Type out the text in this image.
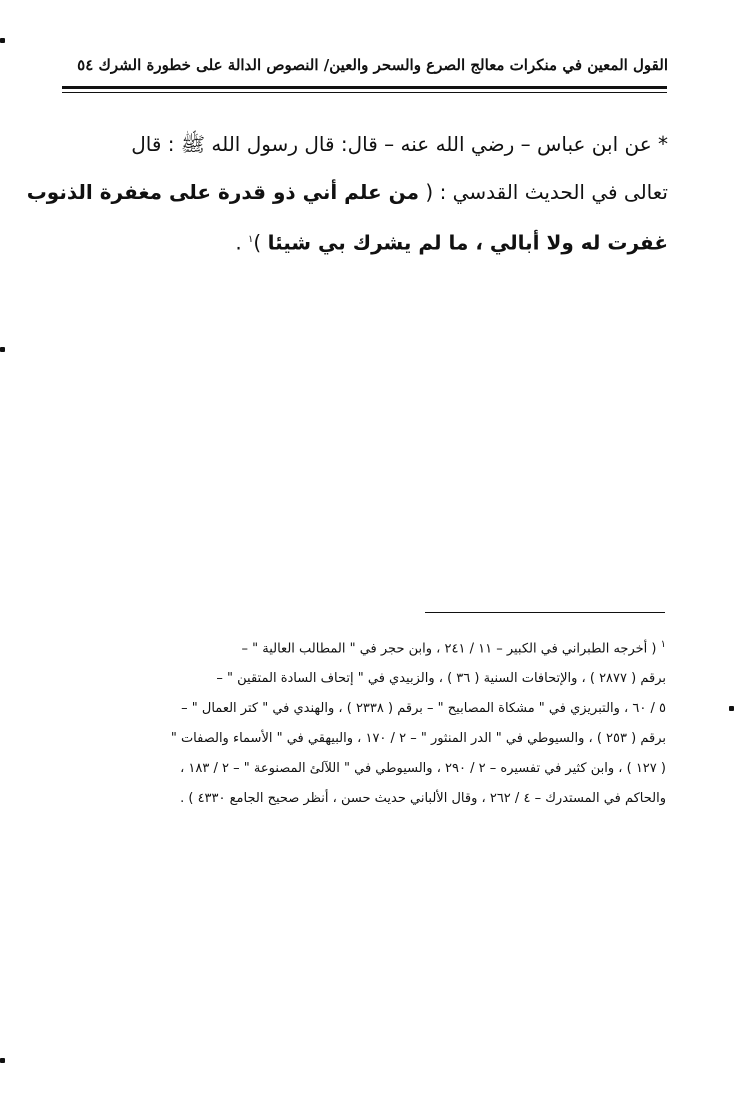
القول المعين في منكرات معالج الصرع والسحر والعين/ النصوص الدالة على خطورة الشرك ٥٤
* عن ابن عباس – رضي الله عنه – قال: قال رسول الله ﷺ : قال
تعالى في الحديث القدسي : ( من علم أني ذو قدرة على مغفرة الذنوب
غفرت له ولا أبالي ، ما لم يشرك بي شيئا )$^١$ .
$^١$ ( أخرجه الطبراني في الكبير – ١١ / ٢٤١ ، وابن حجر في " المطالب العالية " –
برقم ( ٢٨٧٧ ) ، والإتحافات السنية ( ٣٦ ) ، والزبيدي في " إتحاف السادة المتقين " –
٥ / ٦٠ ، والتبريزي في " مشكاة المصابيح " – برقم ( ٢٣٣٨ ) ، والهندي في " كتر العمال " –
برقم ( ٢٥٣ ) ، والسيوطي في " الدر المنثور " – ٢ / ١٧٠ ، والبيهقي في " الأسماء والصفات "
( ١٢٧ ) ، وابن كثير في تفسيره – ٢ / ٢٩٠ ، والسيوطي في " اللآلئ المصنوعة " – ٢ / ١٨٣ ،
والحاكم في المستدرك – ٤ / ٢٦٢ ، وقال الألباني حديث حسن ، أنظر صحيح الجامع ٤٣٣٠ ) .
